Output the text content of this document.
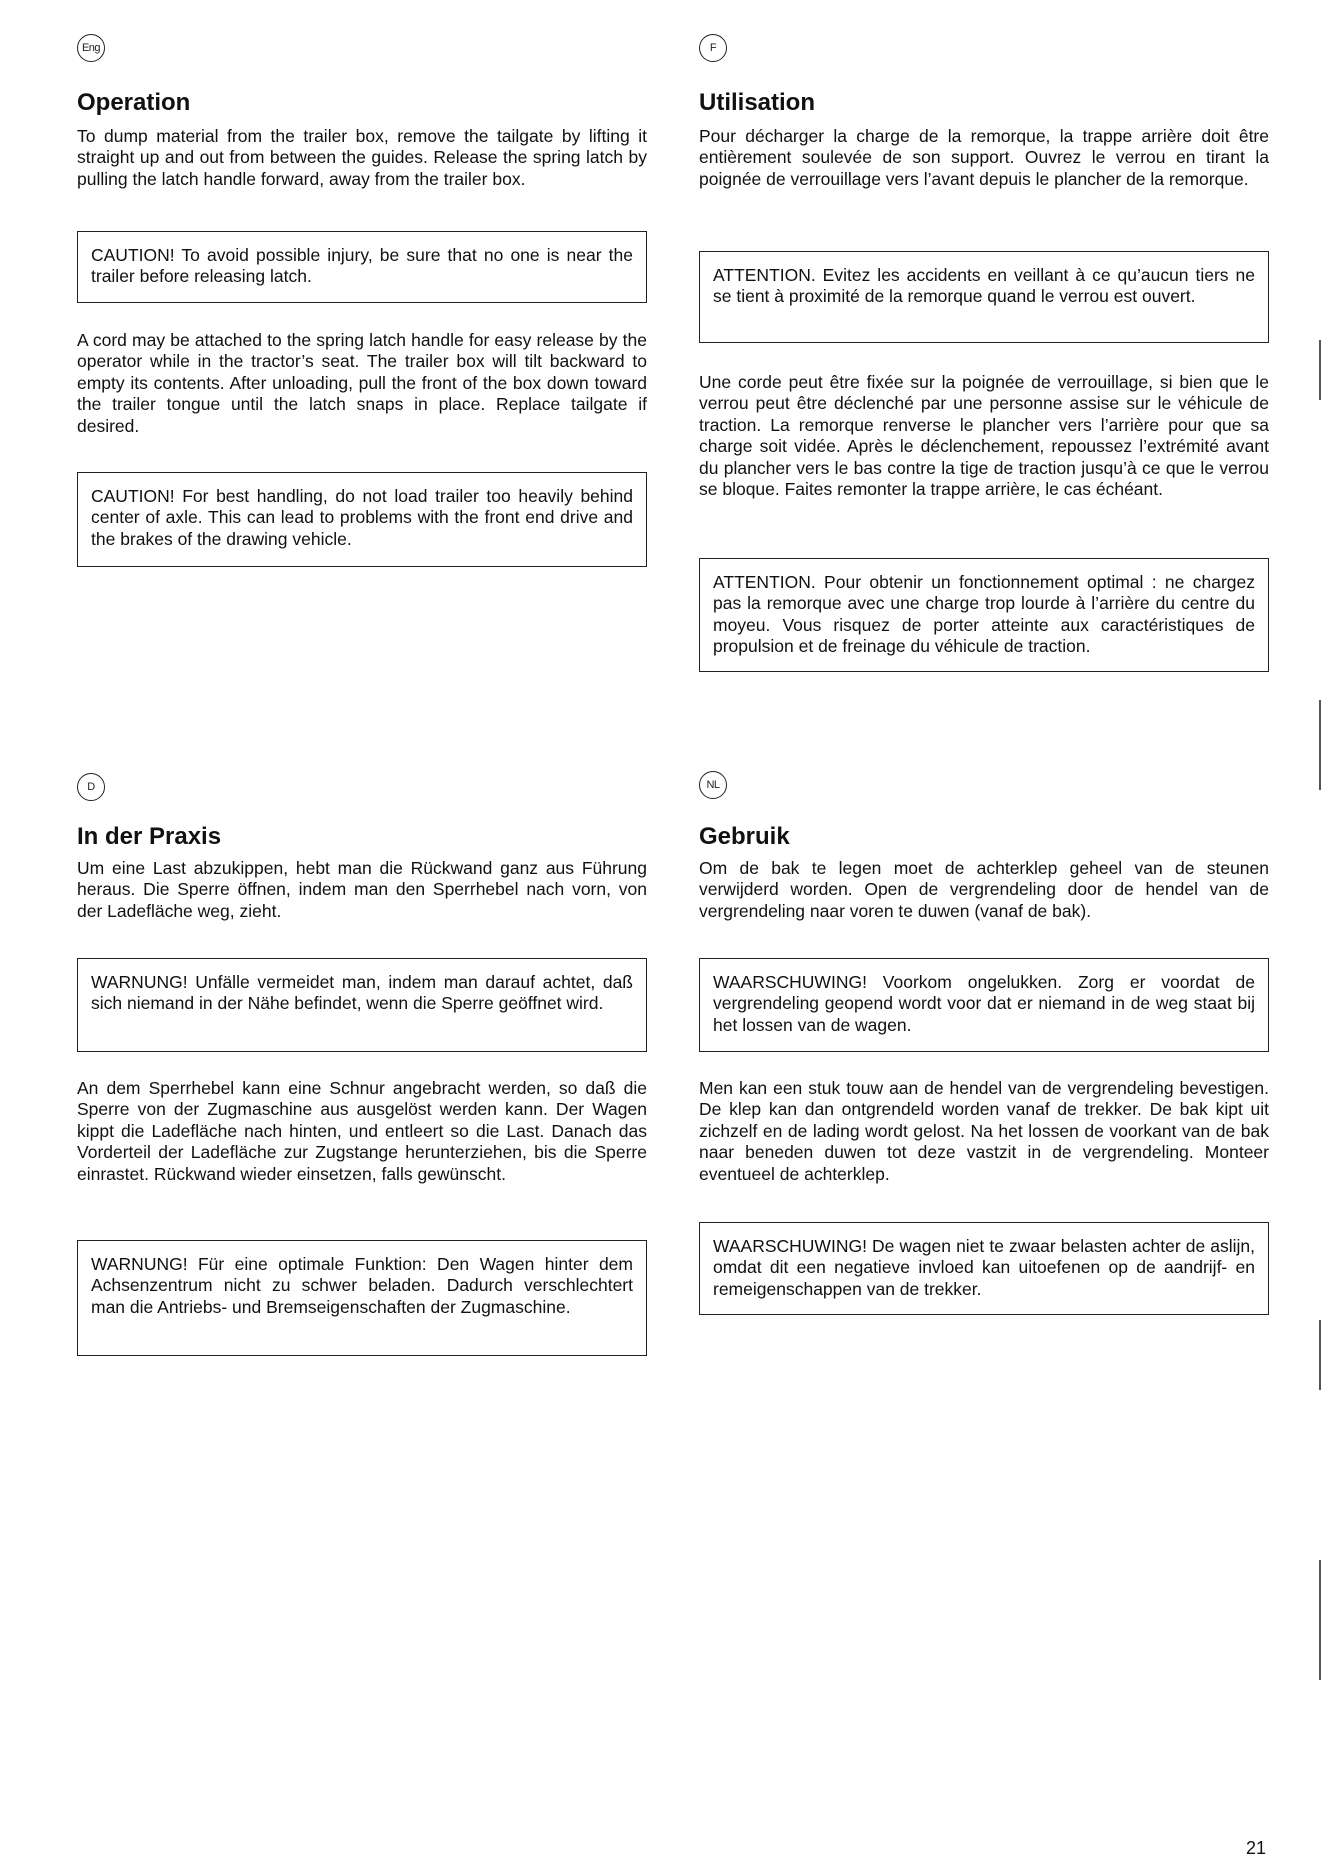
Eng
Operation

To dump material from the trailer box, remove the tailgate by lifting it straight up and out from between the guides. Release the spring latch by pulling the latch handle forward, away from the trailer box.

CAUTION! To avoid possible injury, be sure that no one is near the trailer before releasing latch.

A cord may be attached to the spring latch handle for easy release by the operator while in the tractor’s seat. The trailer box will tilt backward to empty its contents. After unloading, pull the front of the box down toward the trailer tongue until the latch snaps in place. Replace tailgate if desired.

CAUTION! For best handling, do not load trailer too heavily behind center of axle. This can lead to problems with the front end drive and the brakes of the drawing vehicle.
F
Utilisation

Pour décharger la charge de la remorque, la trappe arrière doit être entièrement soulevée de son support. Ouvrez le verrou en tirant la poignée de verrouillage vers l’avant depuis le plancher de la remorque.

ATTENTION. Evitez les accidents en veillant à ce qu’aucun tiers ne se tient à proximité de la remorque quand le verrou est ouvert.

Une corde peut être fixée sur la poignée de verrouillage, si bien que le verrou peut être déclenché par une personne assise sur le véhicule de traction. La remorque renverse le plancher vers l’arrière pour que sa charge soit vidée. Après le déclenchement, repoussez l’extrémité avant du plancher vers le bas contre la tige de traction jusqu’à ce que le verrou se bloque. Faites remonter la trappe arrière, le cas échéant.

ATTENTION. Pour obtenir un fonctionnement optimal : ne chargez pas la remorque avec une charge trop lourde à l’arrière du centre du moyeu. Vous risquez de porter atteinte aux caractéristiques de propulsion et de freinage du véhicule de traction.
D
In der Praxis

Um eine Last abzukippen, hebt man die Rückwand ganz aus Führung heraus. Die Sperre öffnen, indem man den Sperrhebel nach vorn, von der Ladefläche weg, zieht.

WARNUNG! Unfälle vermeidet man, indem man darauf achtet, daß sich niemand in der Nähe befindet, wenn die Sperre geöffnet wird.

An dem Sperrhebel kann eine Schnur angebracht werden, so daß die Sperre von der Zugmaschine aus ausgelöst werden kann. Der Wagen kippt die Ladefläche nach hinten, und entleert so die Last. Danach das Vorderteil der Ladefläche zur Zugstange herunterziehen, bis die Sperre einrastet. Rückwand wieder einsetzen, falls gewünscht.

WARNUNG! Für eine optimale Funktion: Den Wagen hinter dem Achsenzentrum nicht zu schwer beladen. Dadurch verschlechtert man die Antriebs- und Bremseigenschaften der Zugmaschine.
NL
Gebruik

Om de bak te legen moet de achterklep geheel van de steunen verwijderd worden. Open de vergrendeling door de hendel van de vergrendeling naar voren te duwen (vanaf de bak).

WAARSCHUWING! Voorkom ongelukken. Zorg er voordat de vergrendeling geopend wordt voor dat er niemand in de weg staat bij het lossen van de wagen.

Men kan een stuk touw aan de hendel van de vergrendeling bevestigen. De klep kan dan ontgrendeld worden vanaf de trekker. De bak kipt uit zichzelf en de lading wordt gelost. Na het lossen de voorkant van de bak naar beneden duwen tot deze vastzit in de vergrendeling. Monteer eventueel de achterklep.

WAARSCHUWING! De wagen niet te zwaar belasten achter de aslijn, omdat dit een negatieve invloed kan uitoefenen op de aandrijf- en remeigenschappen van de trekker.
21
